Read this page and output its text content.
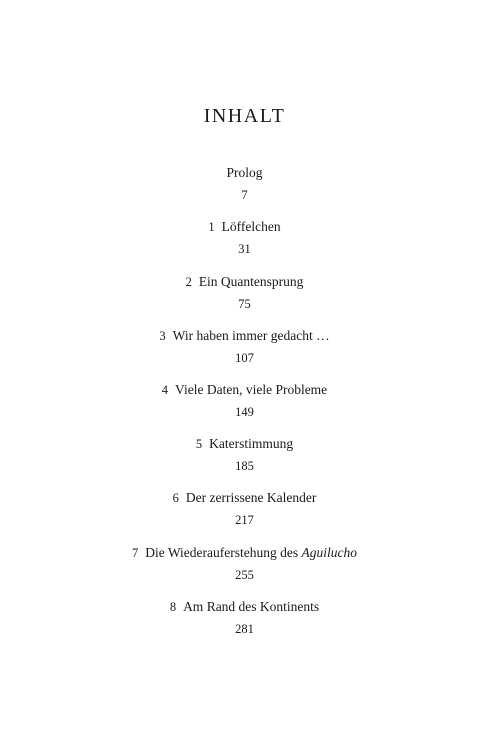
INHALT
Prolog
7
1 Löffelchen
31
2 Ein Quantensprung
75
3 Wir haben immer gedacht …
107
4 Viele Daten, viele Probleme
149
5 Katerstimmung
185
6 Der zerrissene Kalender
217
7 Die Wiederauferstehung des Aguilucho
255
8 Am Rand des Kontinents
281
